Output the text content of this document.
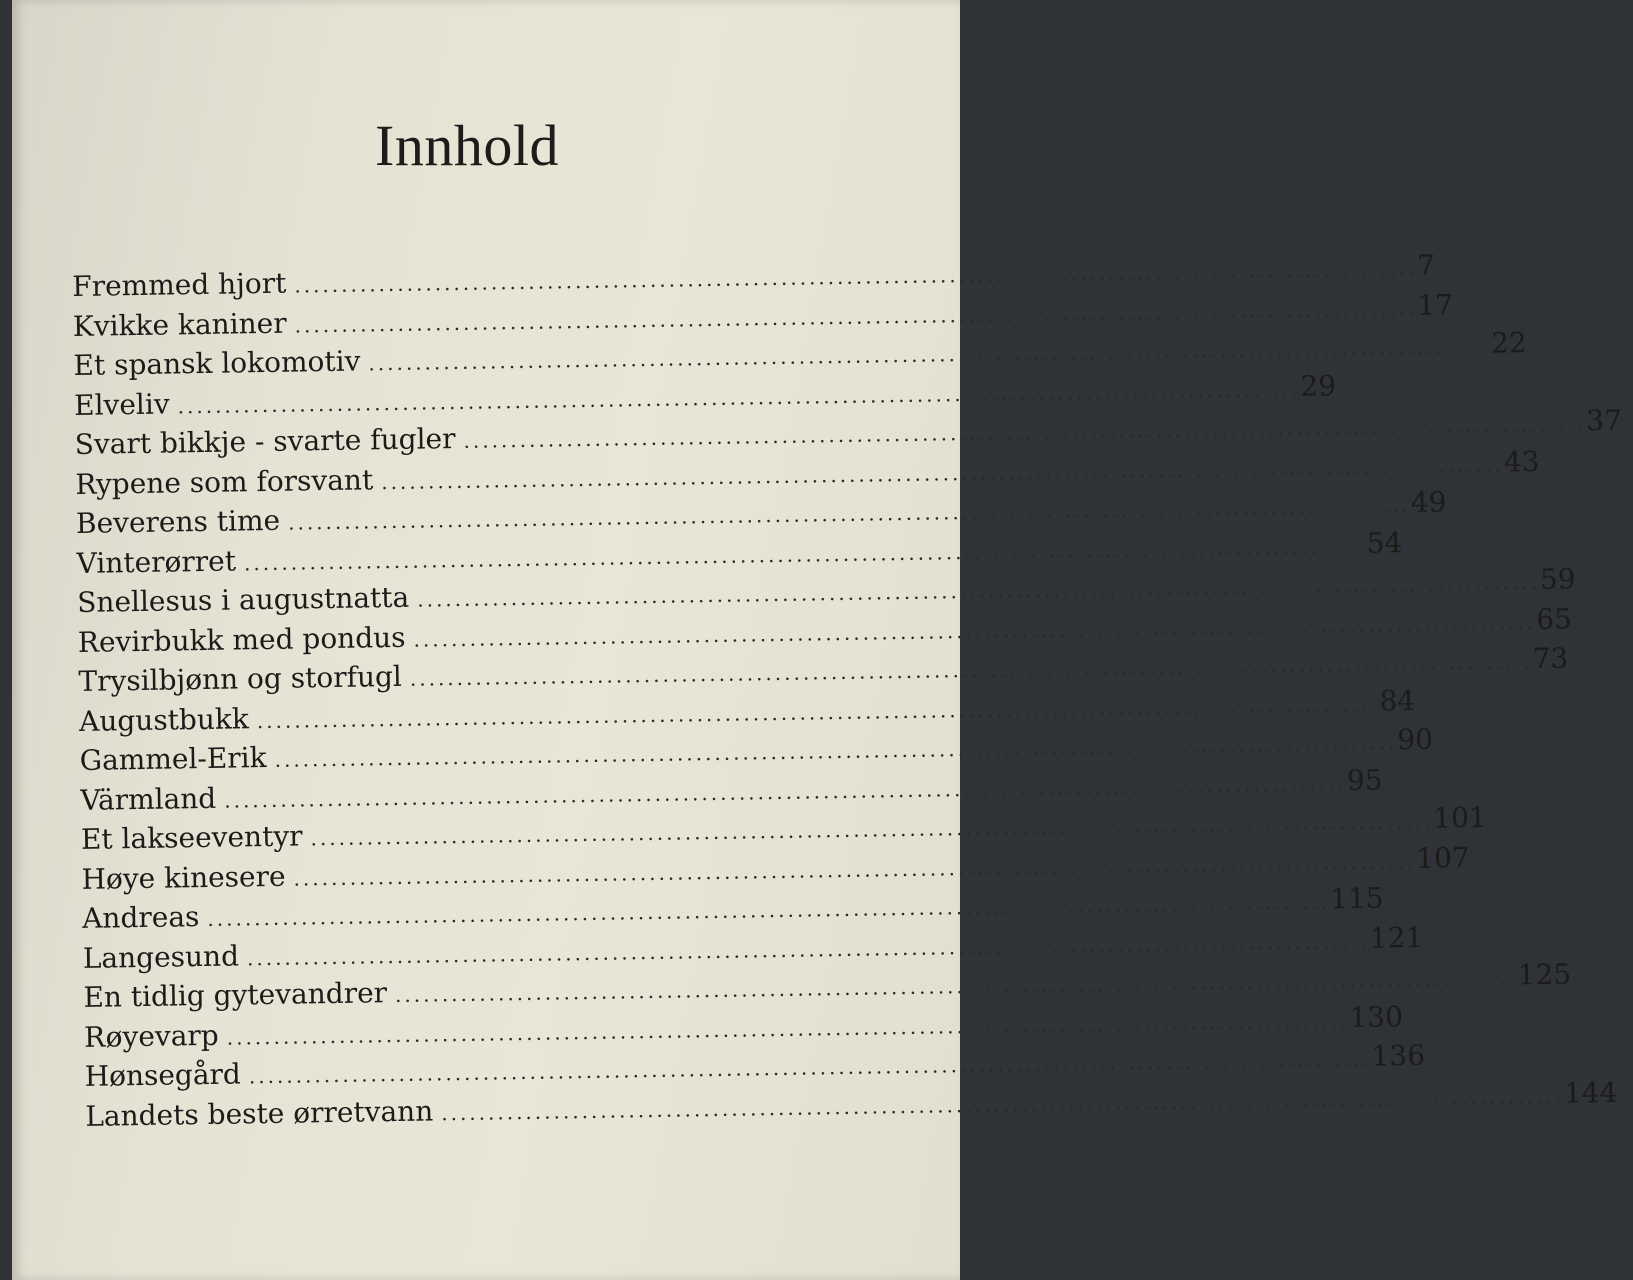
Innhold
Fremmed hjort ........................................................................................................................ 7
Kvikke kaniner ........................................................................................................................ 17
Et spansk lokomotiv ........................................................................................................................ 22
Elveliv ........................................................................................................................ 29
Svart bikkje - svarte fugler ........................................................................................................................ 37
Rypene som forsvant ........................................................................................................................ 43
Beverens time ........................................................................................................................ 49
Vinterørret ........................................................................................................................ 54
Snellesus i augustnatta ........................................................................................................................ 59
Revirbukk med pondus ........................................................................................................................ 65
Trysilbjønn og storfugl ........................................................................................................................ 73
Augustbukk ........................................................................................................................ 84
Gammel-Erik ........................................................................................................................ 90
Värmland ........................................................................................................................ 95
Et lakseeventyr ........................................................................................................................ 101
Høye kinesere ........................................................................................................................ 107
Andreas ........................................................................................................................ 115
Langesund ........................................................................................................................ 121
En tidlig gytevandrer ........................................................................................................................ 125
Røyevarp ........................................................................................................................ 130
Hønsegård ........................................................................................................................ 136
Landets beste ørretvann ........................................................................................................................ 144
